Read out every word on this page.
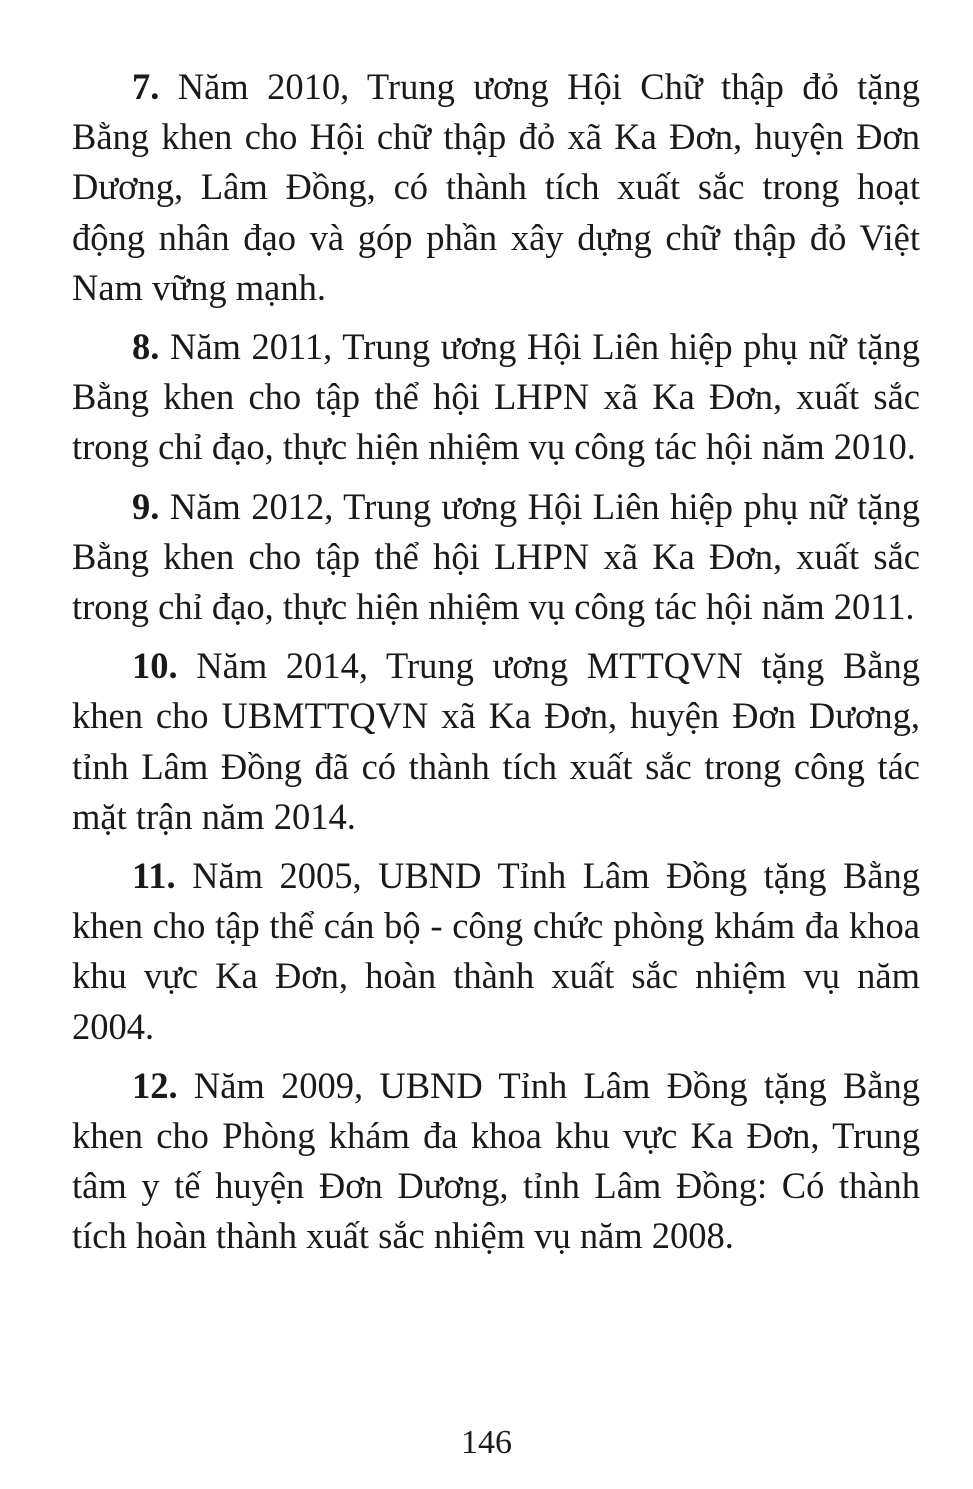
7. Năm 2010, Trung ương Hội Chữ thập đỏ tặng Bằng khen cho Hội chữ thập đỏ xã Ka Đơn, huyện Đơn Dương, Lâm Đồng, có thành tích xuất sắc trong hoạt động nhân đạo và góp phần xây dựng chữ thập đỏ Việt Nam vững mạnh.

8. Năm 2011, Trung ương Hội Liên hiệp phụ nữ tặng Bằng khen cho tập thể hội LHPN xã Ka Đơn, xuất sắc trong chỉ đạo, thực hiện nhiệm vụ công tác hội năm 2010.

9. Năm 2012, Trung ương Hội Liên hiệp phụ nữ tặng Bằng khen cho tập thể hội LHPN xã Ka Đơn, xuất sắc trong chỉ đạo, thực hiện nhiệm vụ công tác hội năm 2011.

10. Năm 2014, Trung ương MTTQVN tặng Bằng khen cho UBMTTQVN xã Ka Đơn, huyện Đơn Dương, tỉnh Lâm Đồng đã có thành tích xuất sắc trong công tác mặt trận năm 2014.

11. Năm 2005, UBND Tỉnh Lâm Đồng tặng Bằng khen cho tập thể cán bộ - công chức phòng khám đa khoa khu vực Ka Đơn, hoàn thành xuất sắc nhiệm vụ năm 2004.

12. Năm 2009, UBND Tỉnh Lâm Đồng tặng Bằng khen cho Phòng khám đa khoa khu vực Ka Đơn, Trung tâm y tế huyện Đơn Dương, tỉnh Lâm Đồng: Có thành tích hoàn thành xuất sắc nhiệm vụ năm 2008.

146
